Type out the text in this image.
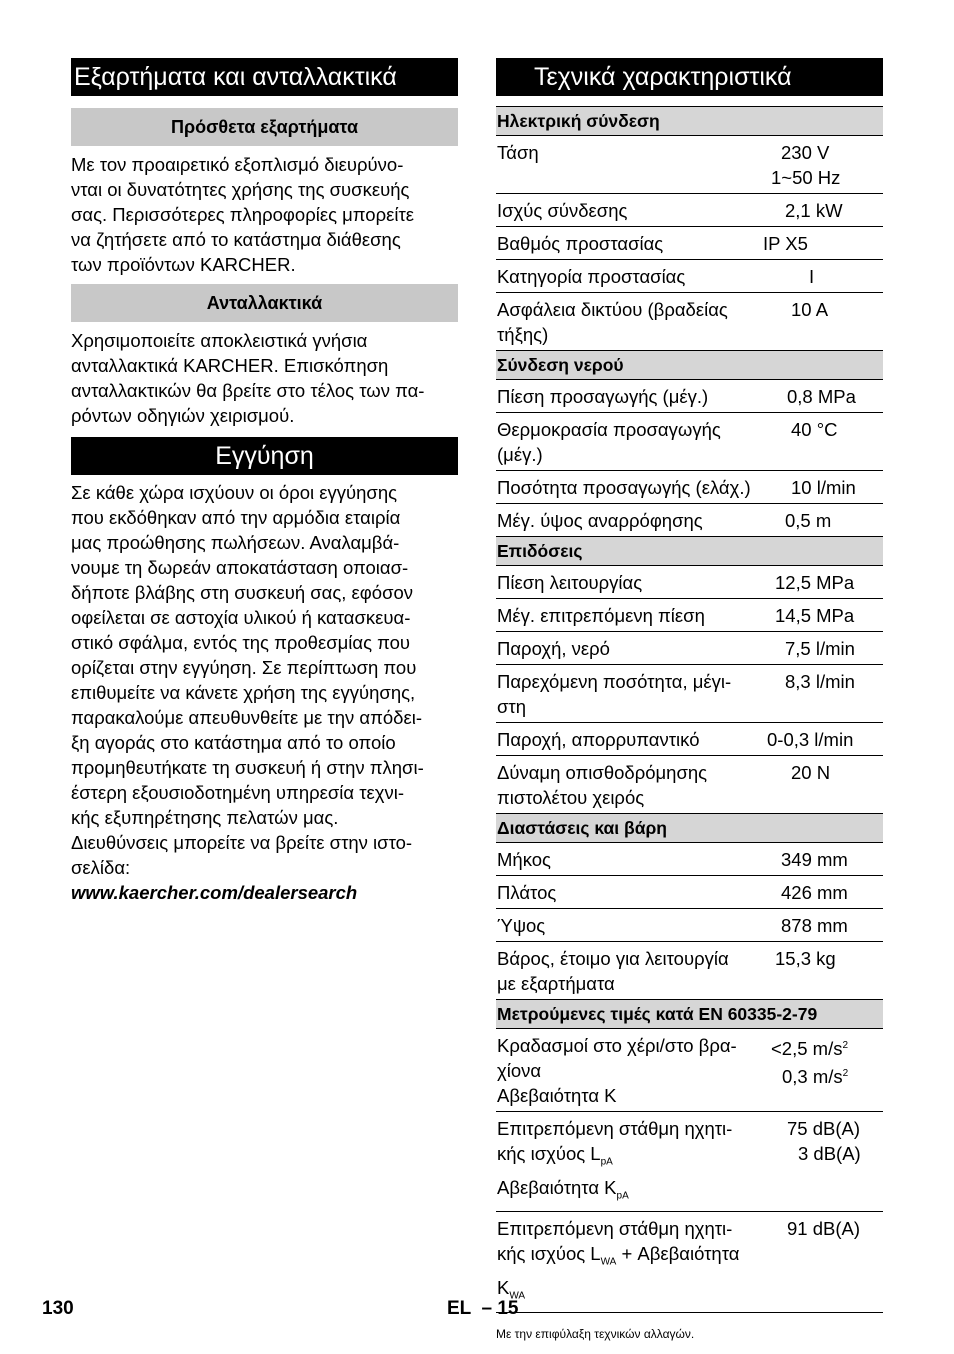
Εξαρτήματα και ανταλλακτικά
Πρόσθετα εξαρτήματα

Με τον προαιρετικό εξοπλισμό διευρύνο-
νται οι δυνατότητες χρήσης της συσκευής
σας. Περισσότερες πληροφορίες μπορείτε
να ζητήσετε από το κατάστημα διάθεσης
των προϊόντων KARCHER.

Ανταλλακτικά

Χρησιμοποιείτε αποκλειστικά γνήσια
ανταλλακτικά KARCHER. Επισκόπηση
ανταλλακτικών θα βρείτε στο τέλος των πα-
ρόντων οδηγιών χειρισμού.

Εγγύηση

Σε κάθε χώρα ισχύουν οι όροι εγγύησης
που εκδόθηκαν από την αρμόδια εταιρία
μας προώθησης πωλήσεων. Αναλαμβά-
νουμε τη δωρεάν αποκατάσταση οποιασ-
δήποτε βλάβης στη συσκευή σας, εφόσον
οφείλεται σε αστοχία υλικού ή κατασκευα-
στικό σφάλμα, εντός της προθεσμίας που
ορίζεται στην εγγύηση. Σε περίπτωση που
επιθυμείτε να κάνετε χρήση της εγγύησης,
παρακαλούμε απευθυνθείτε με την απόδει-
ξη αγοράς στο κατάστημα από το οποίο
προμηθευτήκατε τη συσκευή ή στην πλησι-
έστερη εξουσιοδοτημένη υπηρεσία τεχνι-
κής εξυπηρέτησης πελατών μας.
Διευθύνσεις μπορείτε να βρείτε στην ιστο-
σελίδα:
www.kaercher.com/dealersearch

Τεχνικά χαρακτηριστικά
Ηλεκτρική σύνδεση	
Τάση	230 V
1~50 Hz

Ισχύς σύνδεσης	2,1 kW
Βαθμός προστασίας	IP X5
Κατηγορία προστασίας	I

Ασφάλεια δικτύου (βραδείας
τήξης)	10 A
Σύνδεση νερού	
Πίεση προσαγωγής (μέγ.)	0,8 MPa

Θερμοκρασία προσαγωγής
(μέγ.)	40 °C
Ποσότητα προσαγωγής (ελάχ.)	10 l/min
Μέγ. ύψος αναρρόφησης	0,5 m
Επιδόσεις	
Πίεση λειτουργίας	12,5 MPa
Μέγ. επιτρεπόμενη πίεση	14,5 MPa
Παροχή, νερό	7,5 l/min

Παρεχόμενη ποσότητα, μέγι-
στη	8,3 l/min
Παροχή, απορρυπαντικό	0-0,3 l/min

Δύναμη οπισθοδρόμησης
πιστολέτου χειρός	20 N
Διαστάσεις και βάρη	
Μήκος	349 mm
Πλάτος	426 mm
Ύψος	878 mm

Βάρος, έτοιμο για λειτουργία
με εξαρτήματα	15,3 kg
Μετρούμενες τιμές κατά EN 60335-2-79	

Κραδασμοί στο χέρι/στο βρα-
χίονα
Αβεβαιότητα K	<2,5 $m/s^2$
0,3 $m/s^2$

Επιτρεπόμενη στάθμη ηχητι-
κής ισχύος $L_{pA}$
Αβεβαιότητα $K_{pA}$	75 dB(A)
3 dB(A)

Επιτρεπόμενη στάθμη ηχητι-
κής ισχύος $L_{WA} + A\beta\varepsilon\beta\alpha\iota ό\tau\eta\tau\alpha$
$K_{WA}$	91 dB(A)
Με την επιφύλαξη τεχνικών αλλαγών.
130	EL  – 15
